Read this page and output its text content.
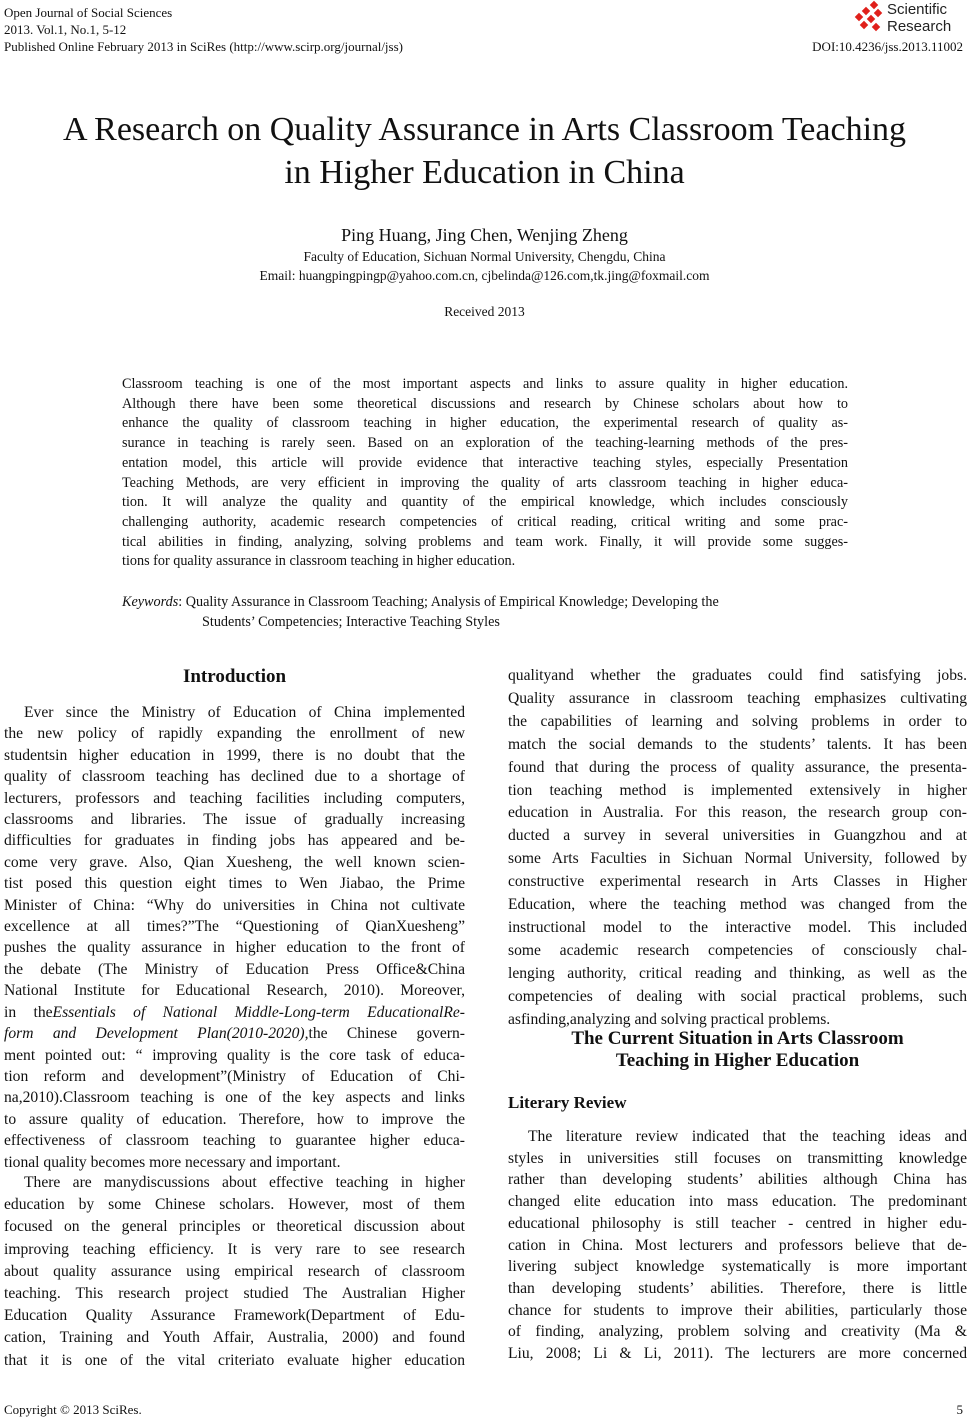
Open Journal of Social Sciences
2013. Vol.1, No.1, 5-12
Published Online February 2013 in SciRes (http://www.scirp.org/journal/jss)	DOI:10.4236/jss.2013.11002
Scientific
Research
A Research on Quality Assurance in Arts Classroom Teaching
in Higher Education in China
Ping Huang, Jing Chen, Wenjing Zheng
Faculty of Education, Sichuan Normal University, Chengdu, China
Email: huangpingpingp@yahoo.com.cn, cjbelinda@126.com,tk.jing@foxmail.com
Received 2013
Classroom teaching is one of the most important aspects and links to assure quality in higher education.
Although there have been some theoretical discussions and research by Chinese scholars about how to
enhance the quality of classroom teaching in higher education, the experimental research of quality as-
surance in teaching is rarely seen. Based on an exploration of the teaching-learning methods of the pres-
entation model, this article will provide evidence that interactive teaching styles, especially Presentation
Teaching Methods, are very efficient in improving the quality of arts classroom teaching in higher educa-
tion. It will analyze the quality and quantity of the empirical knowledge, which includes consciously
challenging authority, academic research competencies of critical reading, critical writing and some prac-
tical abilities in finding, analyzing, solving problems and team work. Finally, it will provide some sugges-
tions for quality assurance in classroom teaching in higher education.
Keywords: Quality Assurance in Classroom Teaching; Analysis of Empirical Knowledge; Developing the
Students’ Competencies; Interactive Teaching Styles
Introduction
Ever since the Ministry of Education of China implemented
the new policy of rapidly expanding the enrollment of new
studentsin higher education in 1999, there is no doubt that the
quality of classroom teaching has declined due to a shortage of
lecturers, professors and teaching facilities including computers,
classrooms and libraries. The issue of gradually increasing
difficulties for graduates in finding jobs has appeared and be-
come very grave. Also, Qian Xuesheng, the well known scien-
tist posed this question eight times to Wen Jiabao, the Prime
Minister of China: “Why do universities in China not cultivate
excellence at all times?”The “Questioning of QianXuesheng”
pushes the quality assurance in higher education to the front of
the debate (The Ministry of Education Press Office&China
National Institute for Educational Research, 2010). Moreover,
in theEssentials of National Middle-Long-term EducationalRe-
form and Development Plan(2010-2020),the Chinese govern-
ment pointed out: “ improving quality is the core task of educa-
tion reform and development”(Ministry of Education of Chi-
na,2010).Classroom teaching is one of the key aspects and links
to assure quality of education. Therefore, how to improve the
effectiveness of classroom teaching to guarantee higher educa-
tional quality becomes more necessary and important.
There are manydiscussions about effective teaching in higher
education by some Chinese scholars. However, most of them
focused on the general principles or theoretical discussion about
improving teaching efficiency. It is very rare to see research
about quality assurance using empirical research of classroom
teaching. This research project studied The Australian Higher
Education Quality Assurance Framework(Department of Edu-
cation, Training and Youth Affair, Australia, 2000) and found
that it is one of the vital criteriato evaluate higher education
qualityand whether the graduates could find satisfying jobs.
Quality assurance in classroom teaching emphasizes cultivating
the capabilities of learning and solving problems in order to
match the social demands to the students’ talents. It has been
found that during the process of quality assurance, the presenta-
tion teaching method is implemented extensively in higher
education in Australia. For this reason, the research group con-
ducted a survey in several universities in Guangzhou and at
some Arts Faculties in Sichuan Normal University, followed by
constructive experimental research in Arts Classes in Higher
Education, where the teaching method was changed from the
instructional model to the interactive model. This included
some academic research competencies of consciously chal-
lenging authority, critical reading and thinking, as well as the
competencies of dealing with social practical problems, such
asfinding,analyzing and solving practical problems.
The Current Situation in Arts Classroom
Teaching in Higher Education
Literary Review
The literature review indicated that the teaching ideas and
styles in universities still focuses on transmitting knowledge
rather than developing students’ abilities although China has
changed elite education into mass education. The predominant
educational philosophy is still teacher - centred in higher edu-
cation in China. Most lecturers and professors believe that de-
livering subject knowledge systematically is more important
than developing students’ abilities. Therefore, there is little
chance for students to improve their abilities, particularly those
of finding, analyzing, problem solving and creativity (Ma &
Liu, 2008; Li & Li, 2011). The lecturers are more concerned
Copyright © 2013 SciRes.	5
